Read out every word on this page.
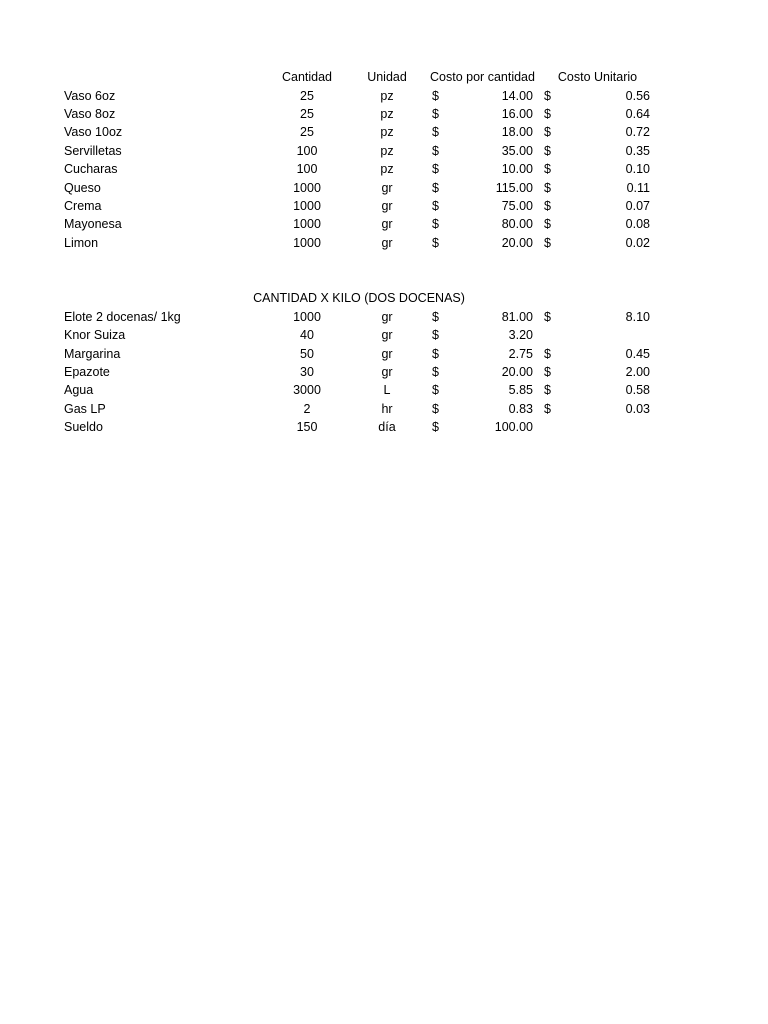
Cantidad	Unidad	Costo por cantidad	Costo Unitario
Vaso 6oz	25	pz	$	14.00 $	0.56
Vaso 8oz	25	pz	$	16.00 $	0.64
Vaso 10oz	25	pz	$	18.00 $	0.72
Servilletas	100	pz	$	35.00 $	0.35
Cucharas	100	pz	$	10.00 $	0.10
Queso	1000	gr	$	115.00 $	0.11
Crema	1000	gr	$	75.00 $	0.07
Mayonesa	1000	gr	$	80.00 $	0.08
Limon	1000	gr	$	20.00 $	0.02
CANTIDAD X KILO (DOS DOCENAS)
Elote 2 docenas/ 1kg	1000	gr	$	81.00 $	8.10
Knor Suiza	40	gr	$	3.20
Margarina	50	gr	$	2.75 $	0.45
Epazote	30	gr	$	20.00 $	2.00
Agua	3000	L	$	5.85 $	0.58
Gas LP	2	hr	$	0.83 $	0.03
Sueldo	150	día	$	100.00
